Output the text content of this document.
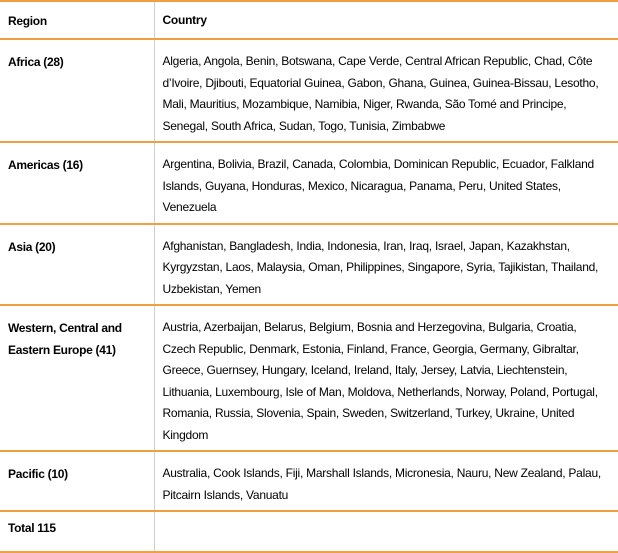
Region	Country
Africa (28)	Algeria, Angola, Benin, Botswana, Cape Verde, Central African Republic, Chad, Côte d’Ivoire, Djibouti, Equatorial Guinea, Gabon, Ghana, Guinea, Guinea-Bissau, Lesotho, Mali, Mauritius, Mozambique, Namibia, Niger, Rwanda, São Tomé and Principe, Senegal, South Africa, Sudan, Togo, Tunisia, Zimbabwe
Americas (16)	Argentina, Bolivia, Brazil, Canada, Colombia, Dominican Republic, Ecuador, Falkland Islands, Guyana, Honduras, Mexico, Nicaragua, Panama, Peru, United States, Venezuela
Asia (20)	Afghanistan, Bangladesh, India, Indonesia, Iran, Iraq, Israel, Japan, Kazakhstan, Kyrgyzstan, Laos, Malaysia, Oman, Philippines, Singapore, Syria, Tajikistan, Thailand, Uzbekistan, Yemen
Western, Central and Eastern Europe (41)	Austria, Azerbaijan, Belarus, Belgium, Bosnia and Herzegovina, Bulgaria, Croatia, Czech Republic, Denmark, Estonia, Finland, France, Georgia, Germany, Gibraltar, Greece, Guernsey, Hungary, Iceland, Ireland, Italy, Jersey, Latvia, Liechtenstein, Lithuania, Luxembourg, Isle of Man, Moldova, Netherlands, Norway, Poland, Portugal, Romania, Russia, Slovenia, Spain, Sweden, Switzerland, Turkey, Ukraine, United Kingdom
Pacific (10)	Australia, Cook Islands, Fiji, Marshall Islands, Micronesia, Nauru, New Zealand, Palau, Pitcairn Islands, Vanuatu
Total 115	
